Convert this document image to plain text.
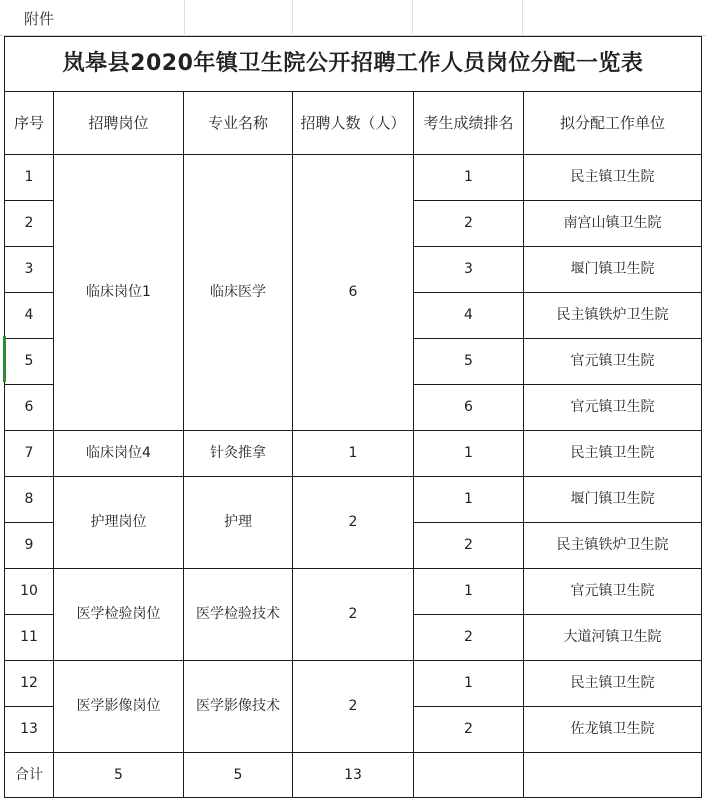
附件
岚皋县2020年镇卫生院公开招聘工作人员岗位分配一览表					
序号	招聘岗位	专业名称	招聘人数（人）	考生成绩排名	拟分配工作单位
1	临床岗位1	临床医学	6	1	民主镇卫生院
2				2	南宫山镇卫生院
3				3	堰门镇卫生院
4				4	民主镇铁炉卫生院
5				5	官元镇卫生院
6				6	官元镇卫生院
7	临床岗位4	针灸推拿	1	1	民主镇卫生院
8	护理岗位	护理	2	1	堰门镇卫生院
9				2	民主镇铁炉卫生院
10	医学检验岗位	医学检验技术	2	1	官元镇卫生院
11				2	大道河镇卫生院
12	医学影像岗位	医学影像技术	2	1	民主镇卫生院
13				2	佐龙镇卫生院
合计	5	5	13		
